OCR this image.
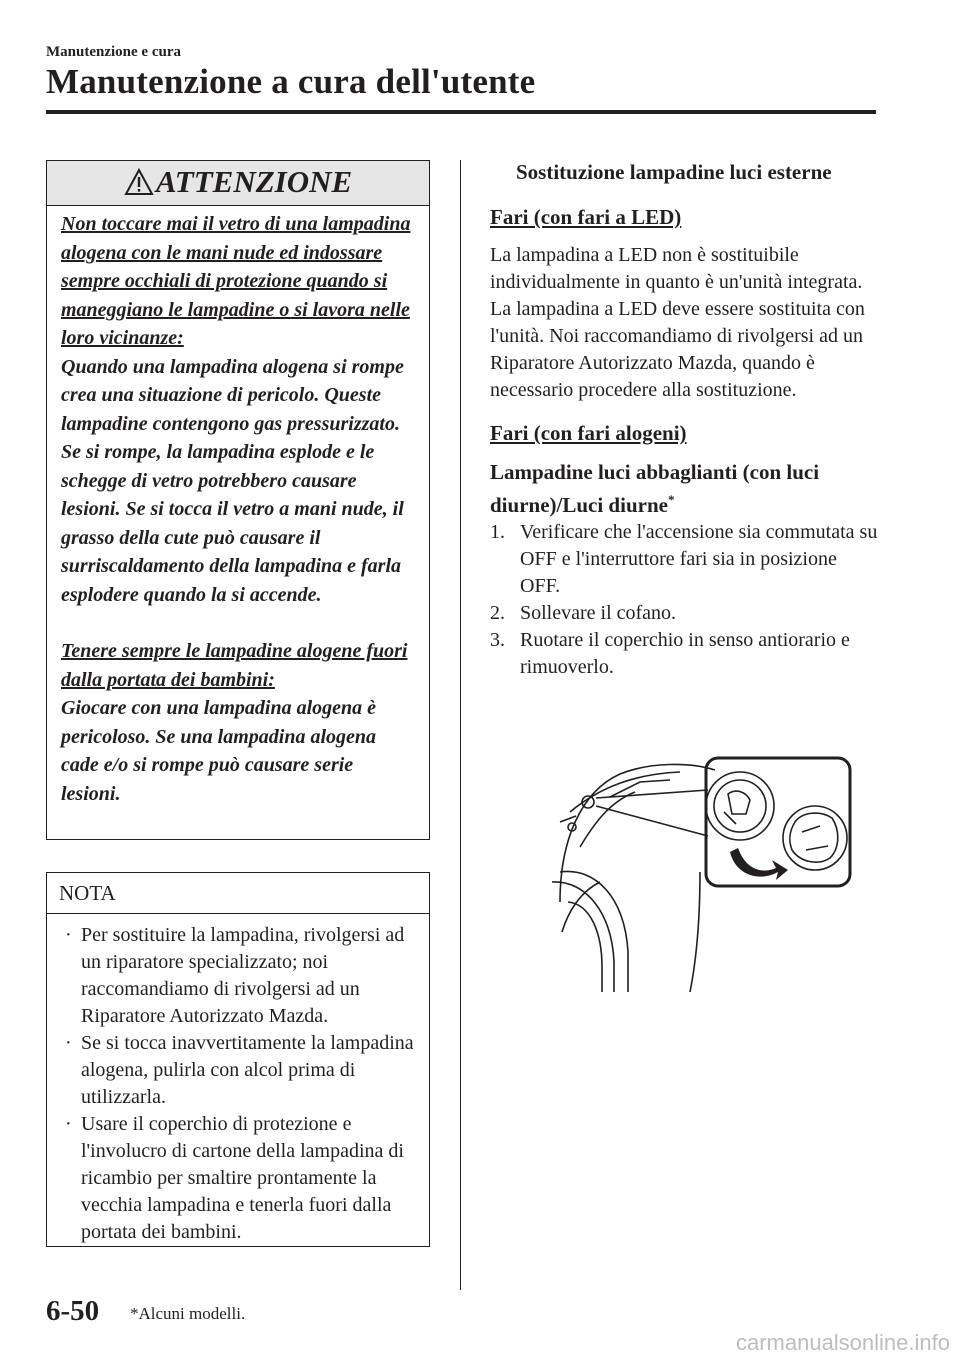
Manutenzione e cura
Manutenzione a cura dell'utente
ATTENZIONE

Non toccare mai il vetro di una lampadina alogena con le mani nude ed indossare sempre occhiali di protezione quando si maneggiano le lampadine o si lavora nelle loro vicinanze:

Quando una lampadina alogena si rompe crea una situazione di pericolo. Queste lampadine contengono gas pressurizzato. Se si rompe, la lampadina esplode e le schegge di vetro potrebbero causare lesioni. Se si tocca il vetro a mani nude, il grasso della cute può causare il surriscaldamento della lampadina e farla esplodere quando la si accende.

Tenere sempre le lampadine alogene fuori dalla portata dei bambini:

Giocare con una lampadina alogena è pericoloso. Se una lampadina alogena cade e/o si rompe può causare serie lesioni.

NOTA
· Per sostituire la lampadina, rivolgersi ad un riparatore specializzato; noi raccomandiamo di rivolgersi ad un Riparatore Autorizzato Mazda.
· Se si tocca inavvertitamente la lampadina alogena, pulirla con alcol prima di utilizzarla.
· Usare il coperchio di protezione e l'involucro di cartone della lampadina di ricambio per smaltire prontamente la vecchia lampadina e tenerla fuori dalla portata dei bambini.
Sostituzione lampadine luci esterne
Fari (con fari a LED)

La lampadina a LED non è sostituibile individualmente in quanto è un'unità integrata.

La lampadina a LED deve essere sostituita con l'unità. Noi raccomandiamo di rivolgersi ad un Riparatore Autorizzato Mazda, quando è necessario procedere alla sostituzione.

Fari (con fari alogeni)
Lampadine luci abbaglianti (con luci diurne)/Luci diurne*
1. Verificare che l'accensione sia commutata su OFF e l'interruttore fari sia in posizione OFF.
2. Sollevare il cofano.
3. Ruotare il coperchio in senso antiorario e rimuoverlo.
6-50 *Alcuni modelli.
carmanualsonline.info
